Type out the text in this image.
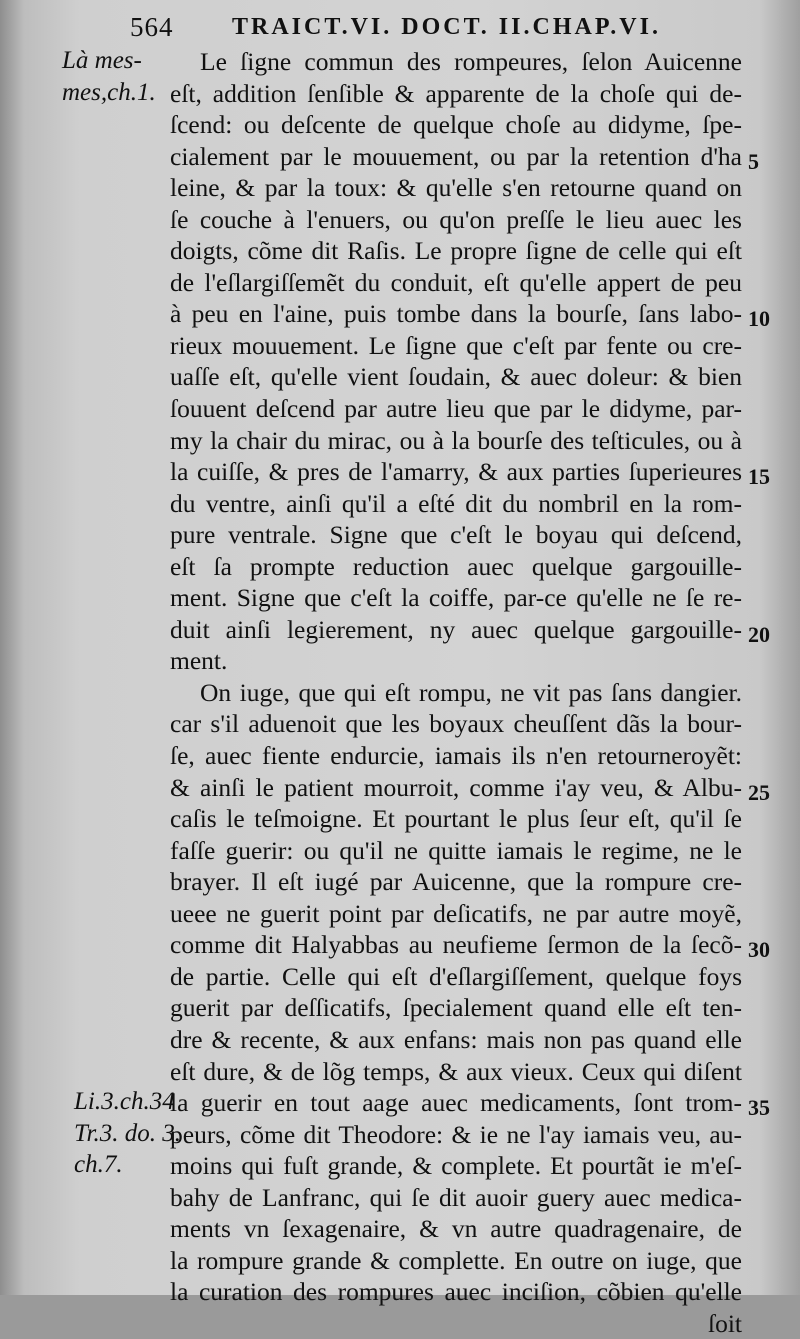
564 TRAICT.VI. DOCT. II.CHAP.VI.
Le ſigne commun des rompeures, ſelon Auicenne
eſt, addition ſenſible & apparente de la choſe qui de-
ſcend: ou deſcente de quelque choſe au didyme, ſpe-
cialement par le mouuement, ou par la retention d'ha
leine, & par la toux: & qu'elle s'en retourne quand on
ſe couche à l'enuers, ou qu'on preſſe le lieu auec les
doigts, cõme dit Raſis. Le propre ſigne de celle qui eſt
de l'eſlargiſſemẽt du conduit, eſt qu'elle appert de peu
à peu en l'aine, puis tombe dans la bourſe, ſans labo-
rieux mouuement. Le ſigne que c'eſt par fente ou cre-
uaſſe eſt, qu'elle vient ſoudain, & auec doleur: & bien
ſouuent deſcend par autre lieu que par le didyme, par-
my la chair du mirac, ou à la bourſe des teſticules, ou à
la cuiſſe, & pres de l'amarry, & aux parties ſuperieures
du ventre, ainſi qu'il a eſté dit du nombril en la rom-
pure ventrale. Signe que c'eſt le boyau qui deſcend,
eſt ſa prompte reduction auec quelque gargouille-
ment. Signe que c'eſt la coiffe, par-ce qu'elle ne ſe re-
duit ainſi legierement, ny auec quelque gargouille-
ment.
On iuge, que qui eſt rompu, ne vit pas ſans dangier.
car s'il aduenoit que les boyaux cheuſſent dãs la bour-
ſe, auec fiente endurcie, iamais ils n'en retourneroyẽt:
& ainſi le patient mourroit, comme i'ay veu, & Albu-
caſis le teſmoigne. Et pourtant le plus ſeur eſt, qu'il ſe
faſſe guerir: ou qu'il ne quitte iamais le regime, ne le
brayer. Il eſt iugé par Auicenne, que la rompure cre-
ueee ne guerit point par deſicatifs, ne par autre moyẽ,
comme dit Halyabbas au neufieme ſermon de la ſecõ-
de partie. Celle qui eſt d'eſlargiſſement, quelque foys
guerit par deſſicatifs, ſpecialement quand elle eſt ten-
dre & recente, & aux enfans: mais non pas quand elle
eſt dure, & de lõg temps, & aux vieux. Ceux qui diſent
la guerir en tout aage auec medicaments, ſont trom-
peurs, cõme dit Theodore: & ie ne l'ay iamais veu, au-
moins qui fuſt grande, & complete. Et pourtãt ie m'eſ-
bahy de Lanfranc, qui ſe dit auoir guery auec medica-
ments vn ſexagenaire, & vn autre quadragenaire, de
la rompure grande & complette. En outre on iuge, que
la curation des rompures auec inciſion, cõbien qu'elle
ſoit
Là mes-
mes,ch.1.
Li.3.ch.34
Tr.3. do. 3.
ch.7.
5
10
15
20
25
30
35
